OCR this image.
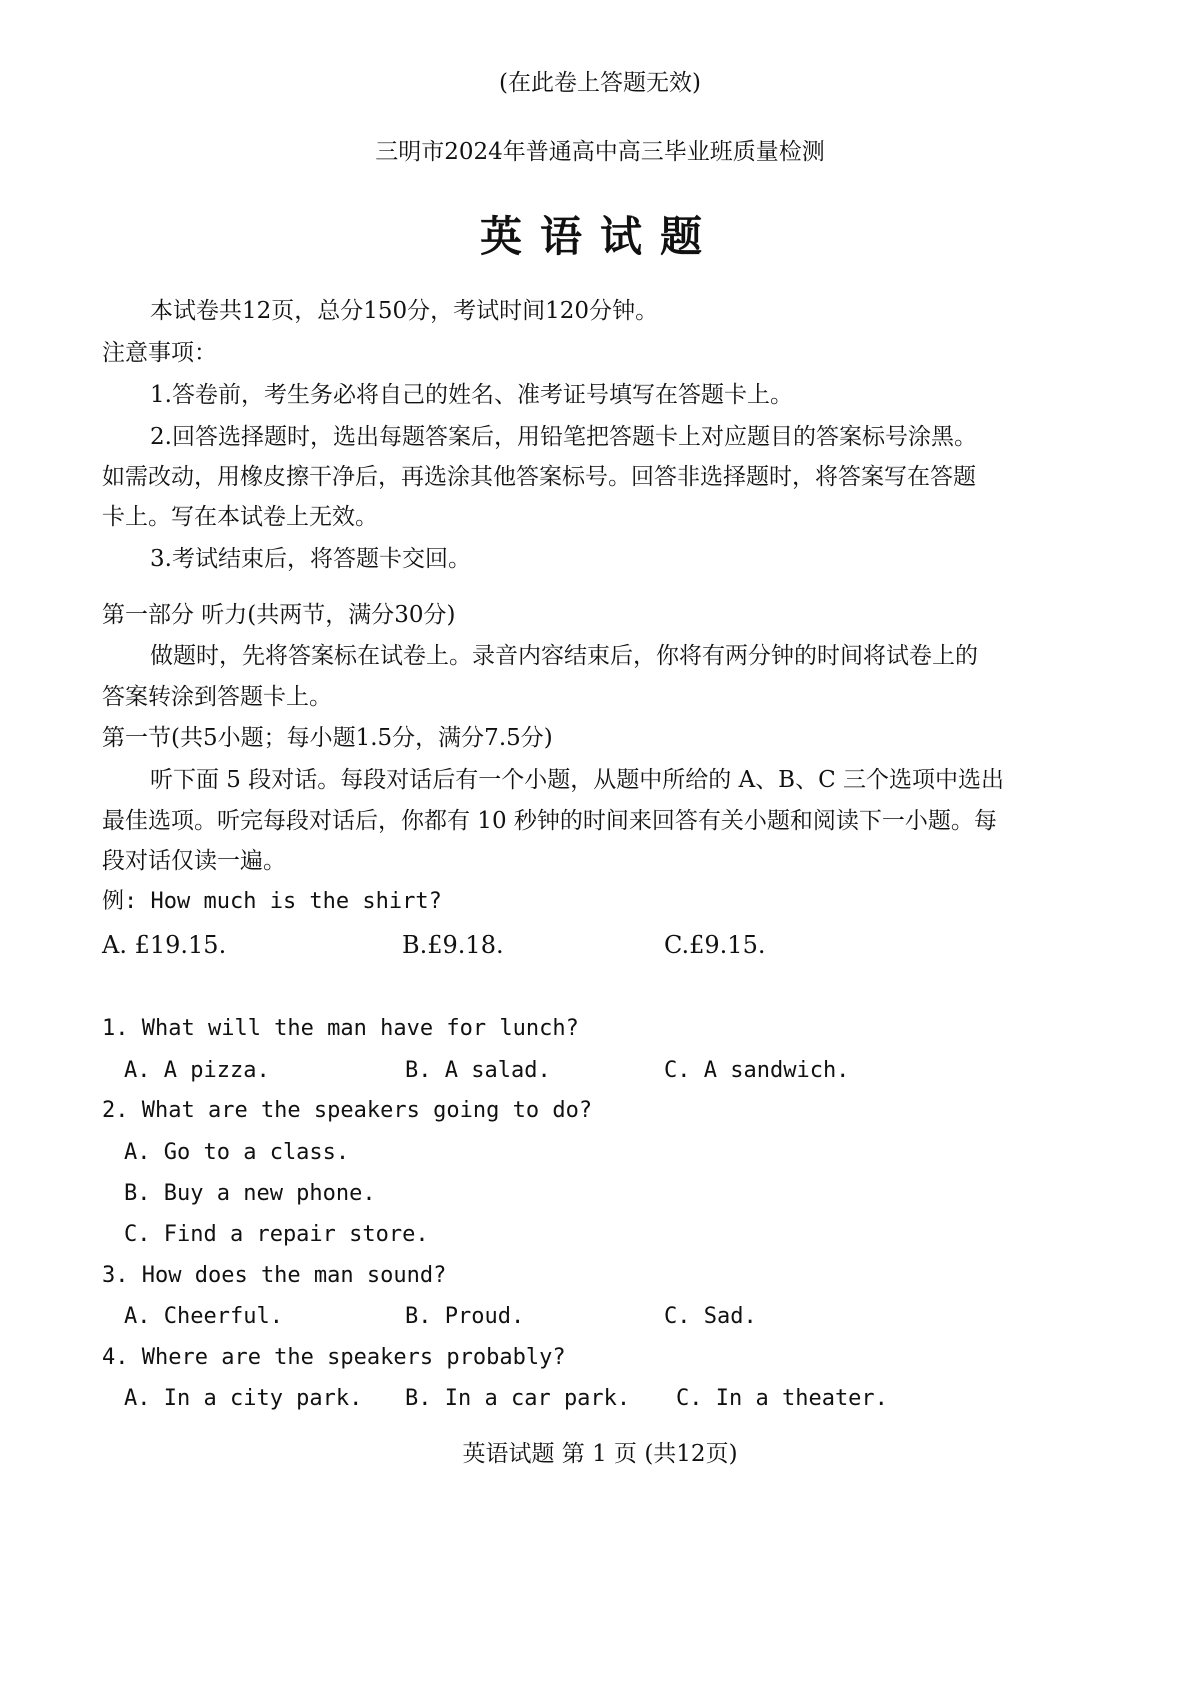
(在此卷上答题无效)
三明市2024年普通高中高三毕业班质量检测
英语试题
本试卷共12页，总分150分，考试时间120分钟。
注意事项：
1.答卷前，考生务必将自己的姓名、准考证号填写在答题卡上。
2.回答选择题时，选出每题答案后，用铅笔把答题卡上对应题目的答案标号涂黑。
如需改动，用橡皮擦干净后，再选涂其他答案标号。回答非选择题时，将答案写在答题
卡上。写在本试卷上无效。
3.考试结束后，将答题卡交回。
第一部分 听力(共两节，满分30分)
做题时，先将答案标在试卷上。录音内容结束后，你将有两分钟的时间将试卷上的
答案转涂到答题卡上。
第一节(共5小题；每小题1.5分，满分7.5分)
听下面 5 段对话。每段对话后有一个小题，从题中所给的 A、B、C 三个选项中选出
最佳选项。听完每段对话后，你都有 10 秒钟的时间来回答有关小题和阅读下一小题。每
段对话仅读一遍。
例: How much is the shirt?
A. £19.15.	B.£9.18.	C.£9.15.
1. What will the man have for lunch?
A. A pizza.	B. A salad.	C. A sandwich.
2. What are the speakers going to do?
A. Go to a class.
B. Buy a new phone.
C. Find a repair store.
3. How does the man sound?
A. Cheerful.	B. Proud.	C. Sad.
4. Where are the speakers probably?
A. In a city park. B. In a car park. C. In a theater.
英语试题 第 1 页 (共12页)
